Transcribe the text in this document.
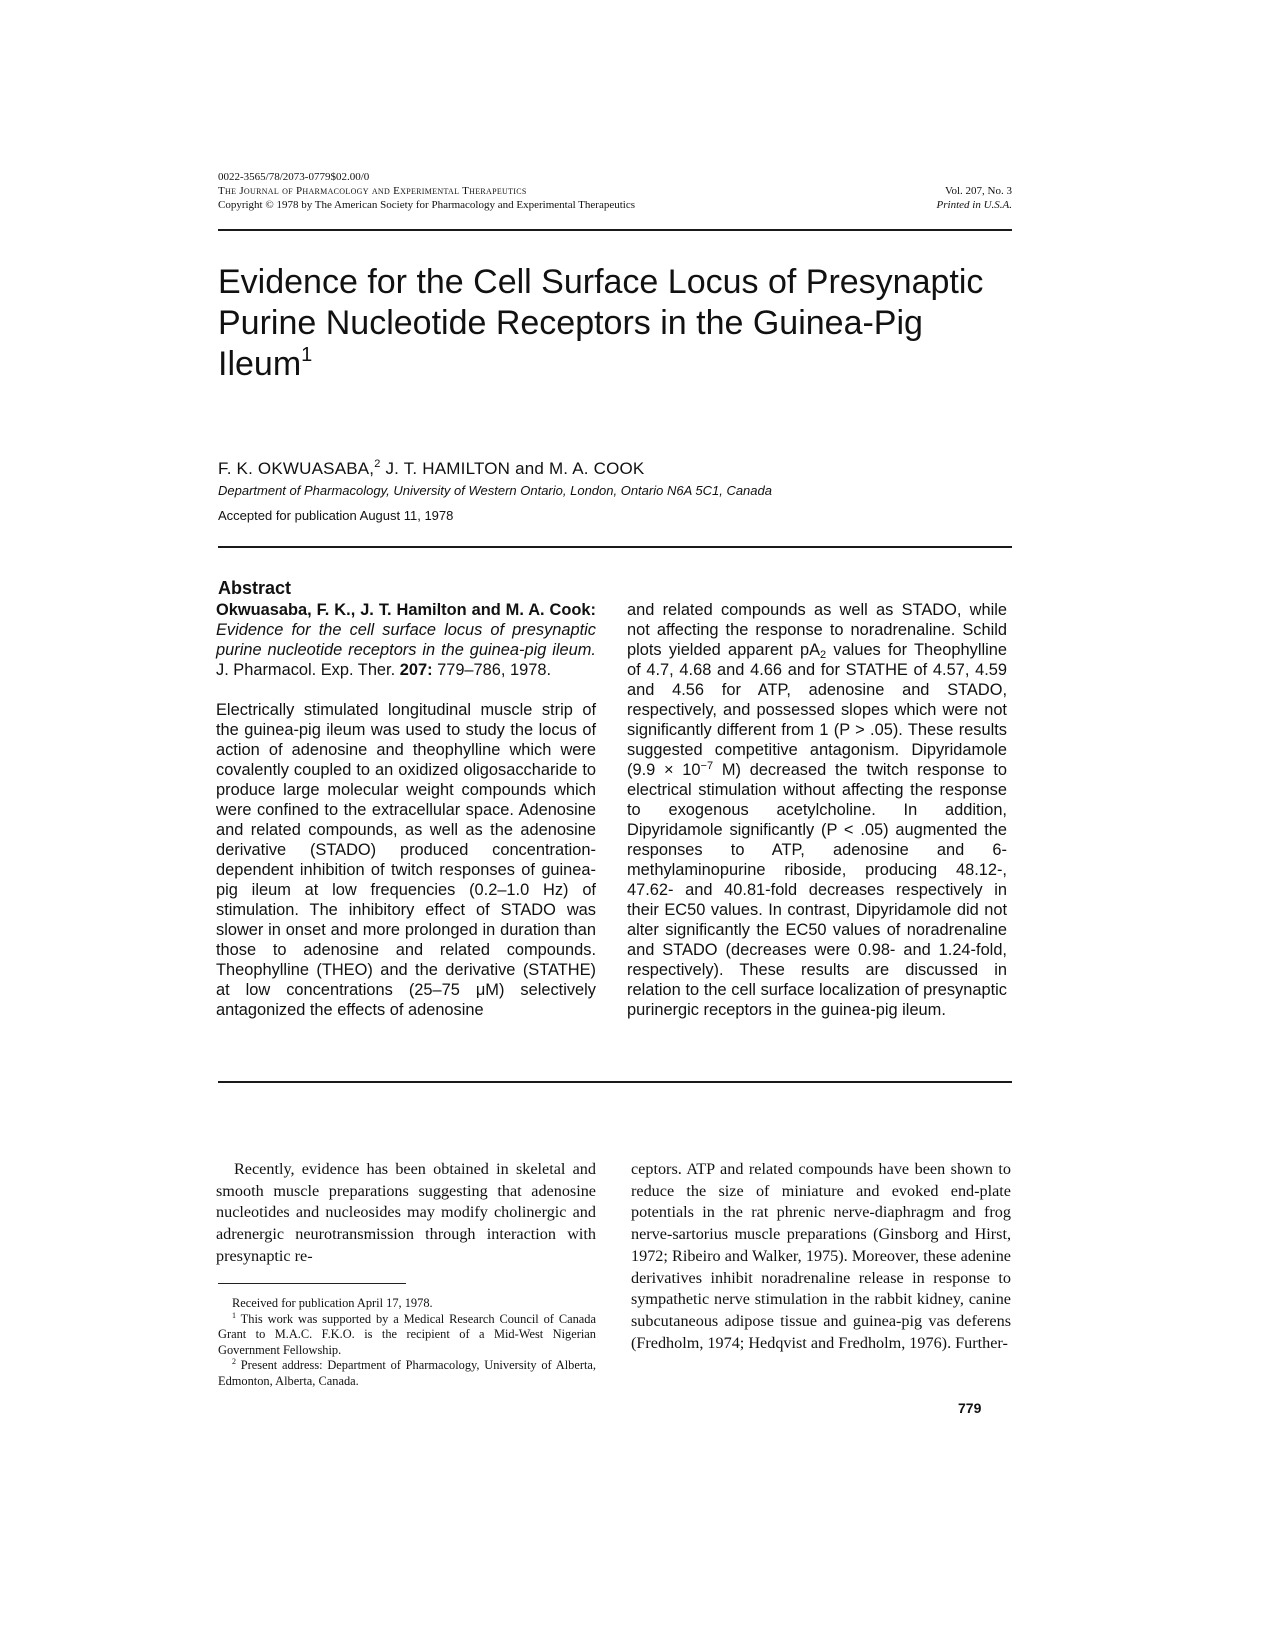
0022-3565/78/2073-0779$02.00/0
The Journal of Pharmacology and Experimental Therapeutics
Copyright © 1978 by The American Society for Pharmacology and Experimental Therapeutics

Vol. 207, No. 3
Printed in U.S.A.
Evidence for the Cell Surface Locus of Presynaptic Purine Nucleotide Receptors in the Guinea-Pig Ileum$^1$
F. K. OKWUASABA,$^2$ J. T. HAMILTON and M. A. COOK
Department of Pharmacology, University of Western Ontario, London, Ontario N6A 5C1, Canada
Accepted for publication August 11, 1978
Abstract

Okwuasaba, F. K., J. T. Hamilton and M. A. Cook: Evidence for the cell surface locus of presynaptic purine nucleotide receptors in the guinea-pig ileum. J. Pharmacol. Exp. Ther. 207: 779–786, 1978.

Electrically stimulated longitudinal muscle strip of the guinea-pig ileum was used to study the locus of action of adenosine and theophylline which were covalently coupled to an oxidized oligosaccharide to produce large molecular weight compounds which were confined to the extracellular space. Adenosine and related compounds, as well as the adenosine derivative (STADO) produced concentration-dependent inhibition of twitch responses of guinea-pig ileum at low frequencies (0.2–1.0 Hz) of stimulation. The inhibitory effect of STADO was slower in onset and more prolonged in duration than those to adenosine and related compounds. Theophylline (THEO) and the derivative (STATHE) at low concentrations (25–75 μM) selectively antagonized the effects of adenosine

and related compounds as well as STADO, while not affecting the response to noradrenaline. Schild plots yielded apparent $pA_2$ values for Theophylline of 4.7, 4.68 and 4.66 and for STATHE of 4.57, 4.59 and 4.56 for ATP, adenosine and STADO, respectively, and possessed slopes which were not significantly different from 1 (P > .05). These results suggested competitive antagonism. Dipyridamole ($9.9 \times 10^{-7}$ M) decreased the twitch response to electrical stimulation without affecting the response to exogenous acetylcholine. In addition, Dipyridamole significantly (P < .05) augmented the responses to ATP, adenosine and 6-methylaminopurine riboside, producing 48.12-, 47.62- and 40.81-fold decreases respectively in their EC50 values. In contrast, Dipyridamole did not alter significantly the EC50 values of noradrenaline and STADO (decreases were 0.98- and 1.24-fold, respectively). These results are discussed in relation to the cell surface localization of presynaptic purinergic receptors in the guinea-pig ileum.

Recently, evidence has been obtained in skeletal and smooth muscle preparations suggesting that adenosine nucleotides and nucleosides may modify cholinergic and adrenergic neurotransmission through interaction with presynaptic re-

ceptors. ATP and related compounds have been shown to reduce the size of miniature and evoked end-plate potentials in the rat phrenic nerve-diaphragm and frog nerve-sartorius muscle preparations (Ginsborg and Hirst, 1972; Ribeiro and Walker, 1975). Moreover, these adenine derivatives inhibit noradrenaline release in response to sympathetic nerve stimulation in the rabbit kidney, canine subcutaneous adipose tissue and guinea-pig vas deferens (Fredholm, 1974; Hedqvist and Fredholm, 1976). Further-

Received for publication April 17, 1978.
$^1$ This work was supported by a Medical Research Council of Canada Grant to M.A.C. F.K.O. is the recipient of a Mid-West Nigerian Government Fellowship.
$^2$ Present address: Department of Pharmacology, University of Alberta, Edmonton, Alberta, Canada.
779
